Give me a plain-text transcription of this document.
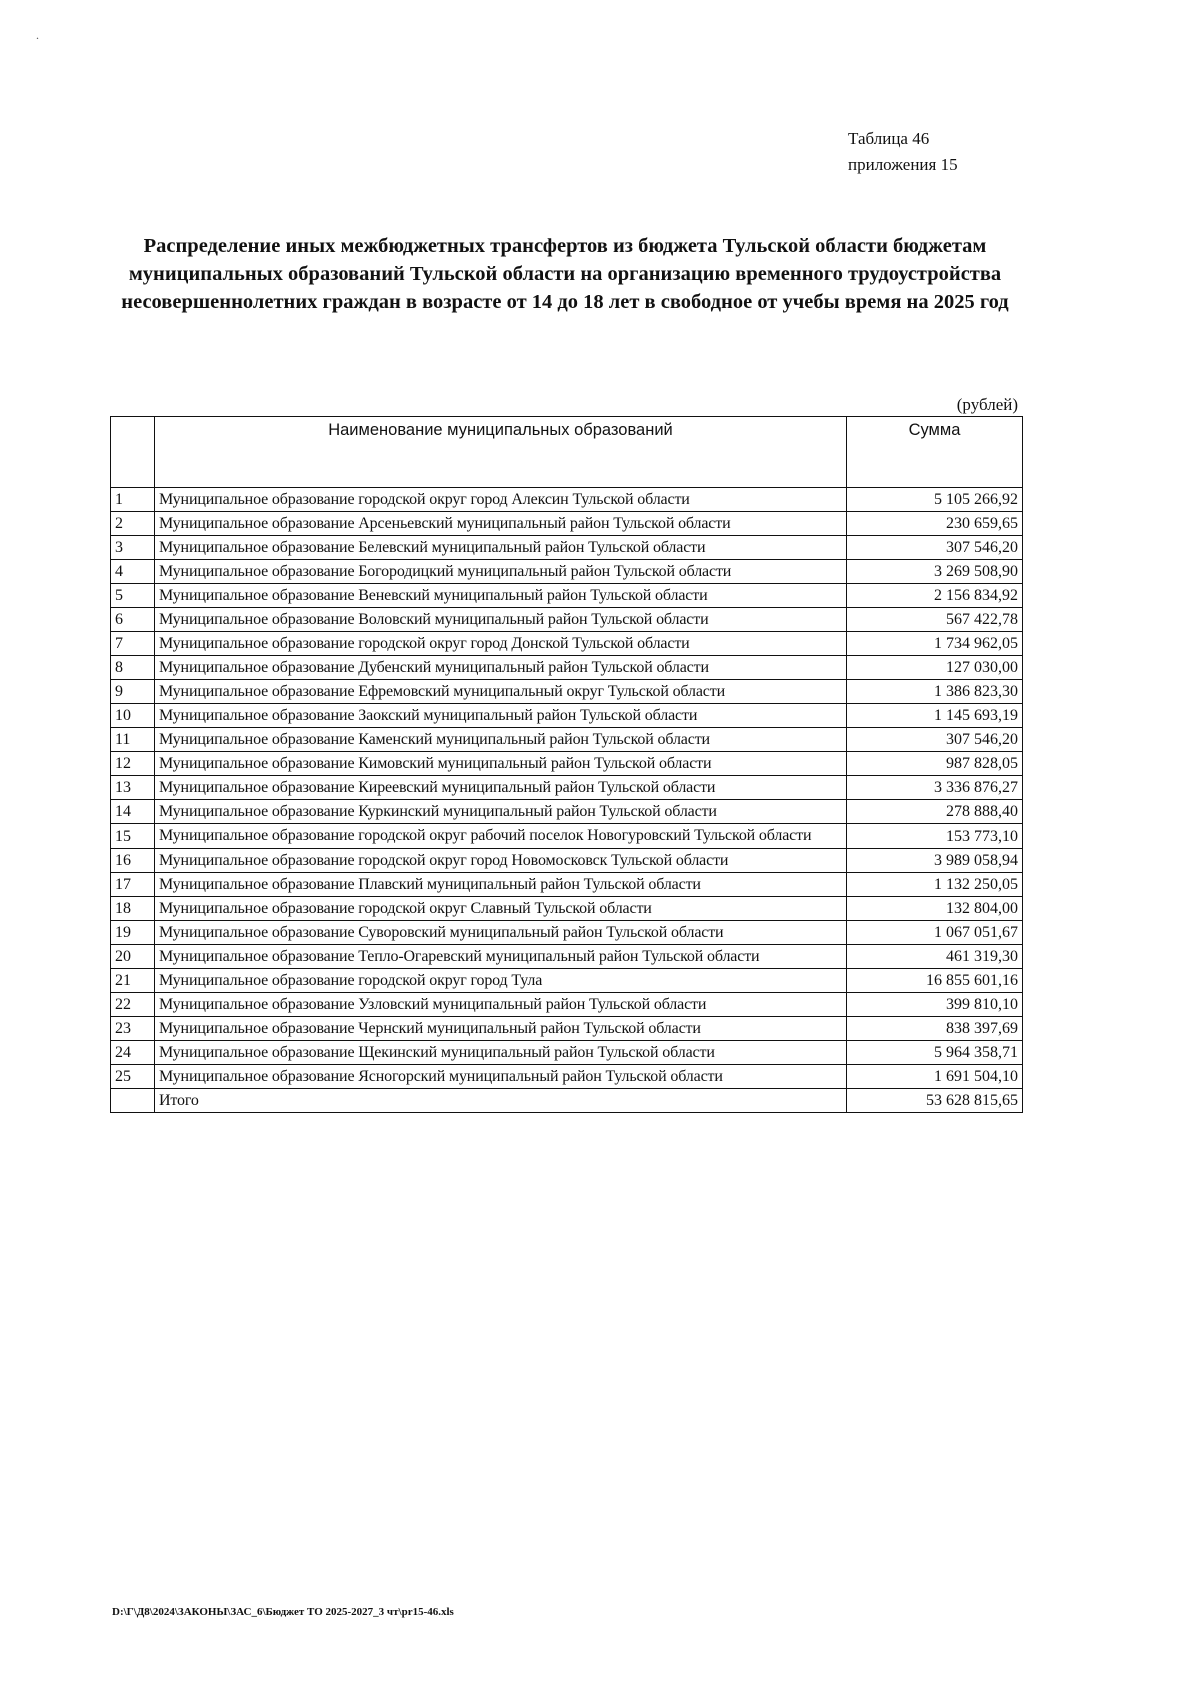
.
Таблица 46
приложения 15
Распределение иных межбюджетных трансфертов из бюджета Тульской области бюджетам муниципальных образований Тульской области на организацию временного трудоустройства несовершеннолетних граждан в возрасте от 14 до 18 лет в свободное от учебы время на 2025 год
(рублей)
	Наименование муниципальных образований	Сумма
1	Муниципальное образование городской округ город Алексин Тульской области	5 105 266,92
2	Муниципальное образование Арсеньевский муниципальный район Тульской области	230 659,65
3	Муниципальное образование Белевский муниципальный район Тульской области	307 546,20
4	Муниципальное образование Богородицкий муниципальный район Тульской области	3 269 508,90
5	Муниципальное образование Веневский муниципальный район Тульской области	2 156 834,92
6	Муниципальное образование Воловский муниципальный район Тульской области	567 422,78
7	Муниципальное образование городской округ город Донской Тульской области	1 734 962,05
8	Муниципальное образование Дубенский муниципальный район Тульской области	127 030,00
9	Муниципальное образование Ефремовский муниципальный округ Тульской области	1 386 823,30
10	Муниципальное образование Заокский муниципальный район Тульской области	1 145 693,19
11	Муниципальное образование Каменский муниципальный район Тульской области	307 546,20
12	Муниципальное образование Кимовский муниципальный район Тульской области	987 828,05
13	Муниципальное образование Киреевский муниципальный район Тульской области	3 336 876,27
14	Муниципальное образование Куркинский муниципальный район Тульской области	278 888,40
15	Муниципальное образование городской округ рабочий поселок Новогуровский Тульской области	153 773,10
16	Муниципальное образование городской округ город Новомосковск Тульской области	3 989 058,94
17	Муниципальное образование Плавский муниципальный район Тульской области	1 132 250,05
18	Муниципальное образование городской округ Славный Тульской области	132 804,00
19	Муниципальное образование Суворовский муниципальный район Тульской области	1 067 051,67
20	Муниципальное образование Тепло-Огаревский муниципальный район Тульской области	461 319,30
21	Муниципальное образование городской округ город Тула	16 855 601,16
22	Муниципальное образование Узловский муниципальный район Тульской области	399 810,10
23	Муниципальное образование Чернский муниципальный район Тульской области	838 397,69
24	Муниципальное образование Щекинский муниципальный район Тульской области	5 964 358,71
25	Муниципальное образование Ясногорский муниципальный район Тульской области	1 691 504,10
	Итого	53 628 815,65
D:\Г\Д8\2024\ЗАКОНЫ\ЗАС_6\Бюджет ТО 2025-2027_3 чт\pr15-46.xls
